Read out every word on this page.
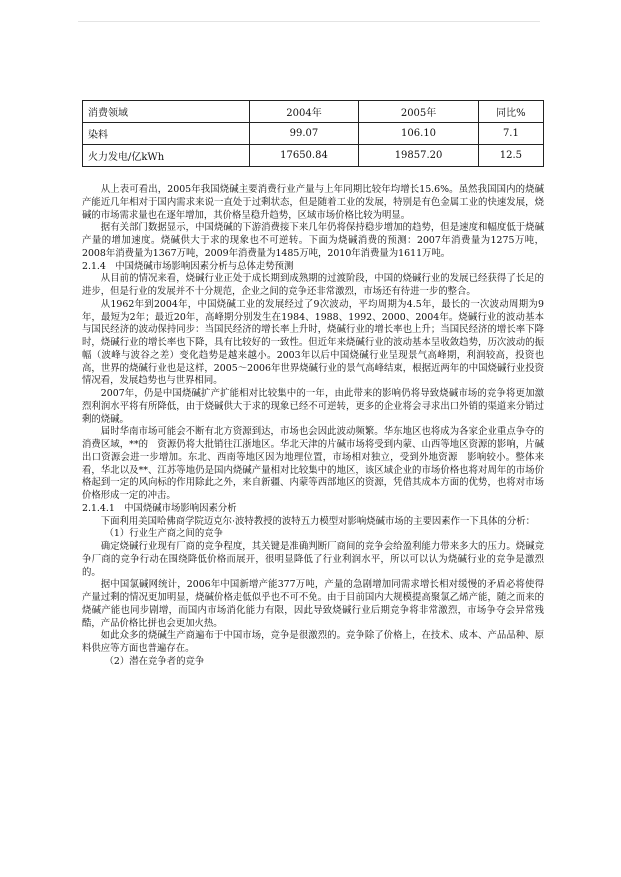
消费领域	2004年	2005年	同比%
染料	99.07	106.10	7.1
火力发电/亿kWh	17650.84	19857.20	12.5

从上表可看出，2005年我国烧碱主要消费行业产量与上年同期比较年均增长15.6%。虽然我国国内的烧碱产能近几年相对于国内需求来说一直处于过剩状态，但是随着工业的发展，特别是有色金属工业的快速发展，烧碱的市场需求量也在逐年增加，其价格呈稳升趋势，区域市场价格比较为明显。

据有关部门数据显示，中国烧碱的下游消费接下来几年仍将保持稳步增加的趋势，但是速度和幅度低于烧碱产量的增加速度。烧碱供大于求的现象也不可逆转。下面为烧碱消费的预测：2007年消费量为1275万吨，2008年消费量为1367万吨，2009年消费量为1485万吨，2010年消费量为1611万吨。

2.1.4　中国烧碱市场影响因素分析与总体走势预测

从目前的情况来看，烧碱行业正处于成长期到成熟期的过渡阶段，中国的烧碱行业的发展已经获得了长足的进步，但是行业的发展并不十分规范，企业之间的竞争还非常激烈，市场还有待进一步的整合。

从1962年到2004年，中国烧碱工业的发展经过了9次波动，平均周期为4.5年，最长的一次波动周期为9年，最短为2年；最近20年，高峰期分别发生在1984、1988、1992、2000、2004年。烧碱行业的波动基本与国民经济的波动保持同步：当国民经济的增长率上升时，烧碱行业的增长率也上升；当国民经济的增长率下降时，烧碱行业的增长率也下降，具有比较好的一致性。但近年来烧碱行业的波动基本呈收敛趋势，历次波动的振幅（波峰与波谷之差）变化趋势是越来越小。2003年以后中国烧碱行业呈现景气高峰期，利润较高，投资也高，世界的烧碱行业也是这样，2005～2006年世界烧碱行业的景气高峰结束，根据近两年的中国烧碱行业投资情况看，发展趋势也与世界相同。

2007年，仍是中国烧碱扩产扩能相对比较集中的一年，由此带来的影响仍将导致烧碱市场的竞争将更加激烈利润水平将有所降低，由于烧碱供大于求的现象已经不可逆转，更多的企业将会寻求出口外销的渠道来分销过剩的烧碱。

届时华南市场可能会不断有北方资源到达，市场也会因此波动频繁。华东地区也将成为各家企业重点争夺的消费区域，**的　资源仍将大批销往江浙地区。华北天津的片碱市场将受到内蒙、山西等地区资源的影响，片碱出口资源会进一步增加。东北、西南等地区因为地理位置，市场相对独立，受到外地资源　影响较小。整体来看，华北以及**、江苏等地仍是国内烧碱产量相对比较集中的地区，该区域企业的市场价格也将对周年的市场价格起到一定的风向标的作用除此之外，来自新疆、内蒙等西部地区的资源，凭借其成本方面的优势，也将对市场价格形成一定的冲击。

2.1.4.1　中国烧碱市场影响因素分析

下面利用美国哈佛商学院迈克尔·波特教授的波特五力模型对影响烧碱市场的主要因素作一下具体的分析：

（1）行业生产商之间的竞争

确定烧碱行业现有厂商的竞争程度，其关键是准确判断厂商间的竞争会给盈利能力带来多大的压力。烧碱竞争厂商的竞争行动在围绕降低价格而展开，很明显降低了行业利润水平，所以可以认为烧碱行业的竞争是激烈的。

据中国氯碱网统计，2006年中国新增产能377万吨，产量的急剧增加同需求增长相对缓慢的矛盾必将使得产量过剩的情况更加明显，烧碱价格走低似乎也不可不免。由于目前国内大规模提高聚氯乙烯产能，随之而来的烧碱产能也同步剧增，而国内市场消化能力有限，因此导致烧碱行业后期竞争将非常激烈，市场争夺会异常残酷，产品价格比拼也会更加火热。

如此众多的烧碱生产商遍布于中国市场，竞争是很激烈的。竞争除了价格上，在技术、成本、产品品种、原料供应等方面也普遍存在。

（2）潜在竞争者的竞争
